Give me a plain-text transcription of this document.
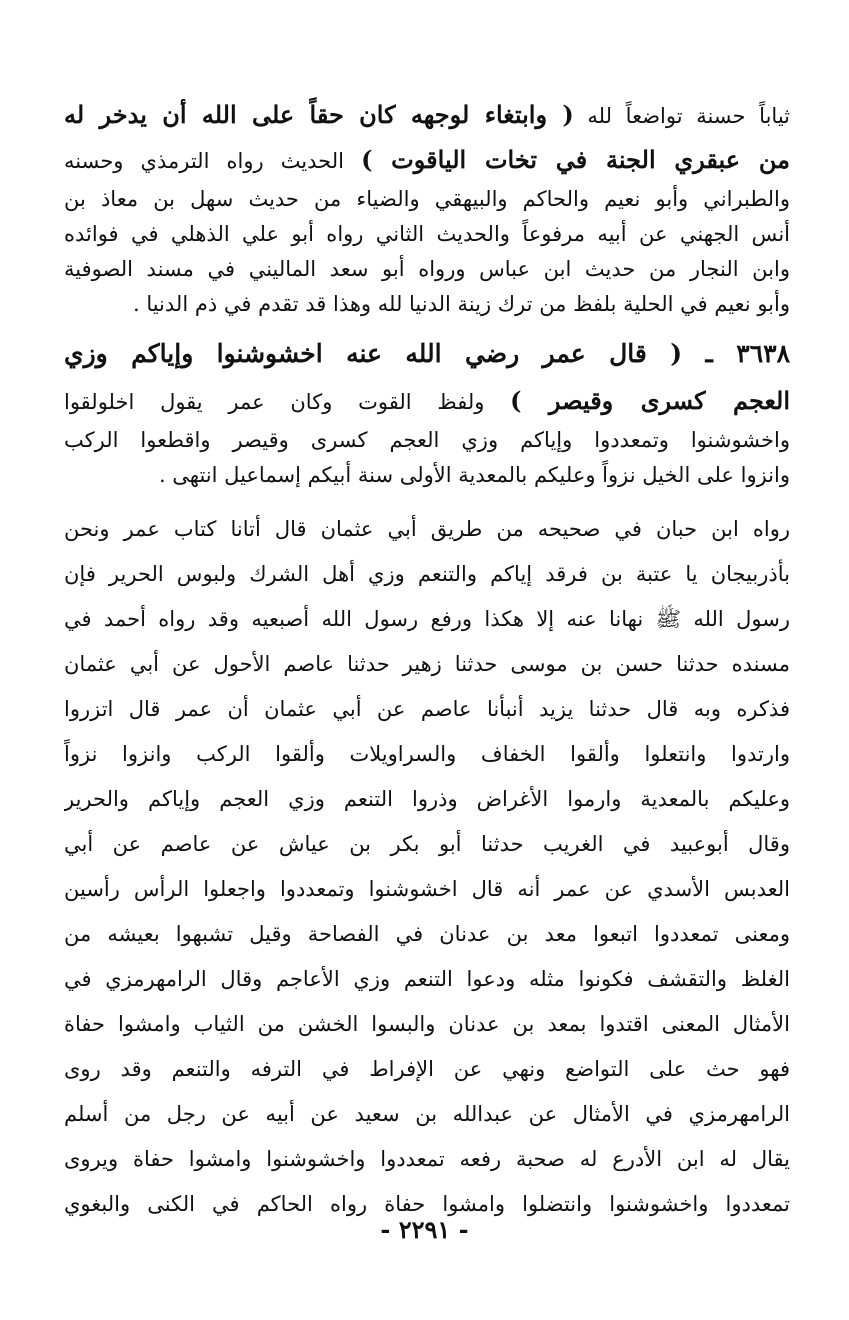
ثياباً حسنة تواضعاً لله ( وابتغاء لوجهه كان حقاً على الله أن يدخر له
من عبقري الجنة في تخات الياقوت ) الحديث رواه الترمذي وحسنه
والطبراني وأبو نعيم والحاكم والبيهقي والضياء من حديث سهل بن معاذ بن
أنس الجهني عن أبيه مرفوعاً والحديث الثاني رواه أبو علي الذهلي في فوائده
وابن النجار من حديث ابن عباس ورواه أبو سعد الماليني في مسند الصوفية
وأبو نعيم في الحلية بلفظ من ترك زينة الدنيا لله وهذا قد تقدم في ذم الدنيا .
٣٦٣٨ ـ ( قال عمر رضي الله عنه اخشوشنوا وإياكم وزي
العجم كسرى وقيصر ) ولفظ القوت وكان عمر يقول اخلولقوا
واخشوشنوا وتمعددوا وإياكم وزي العجم كسرى وقيصر واقطعوا الركب
وانزوا على الخيل نزواً وعليكم بالمعدية الأولى سنة أبيكم إسماعيل انتهى .
رواه ابن حبان في صحيحه من طريق أبي عثمان قال أتانا كتاب عمر ونحن
بأذربيجان يا عتبة بن فرقد إياكم والتنعم وزي أهل الشرك ولبوس الحرير فإن
رسول الله ﷺ نهانا عنه إلا هكذا ورفع رسول الله أصبعيه وقد رواه أحمد في
مسنده حدثنا حسن بن موسى حدثنا زهير حدثنا عاصم الأحول عن أبي عثمان
فذكره وبه قال حدثنا يزيد أنبأنا عاصم عن أبي عثمان أن عمر قال اتزروا
وارتدوا وانتعلوا وألقوا الخفاف والسراويلات وألقوا الركب وانزوا نزواً
وعليكم بالمعدية وارموا الأغراض وذروا التنعم وزي العجم وإياكم والحرير
وقال أبوعبيد في الغريب حدثنا أبو بكر بن عياش عن عاصم عن أبي
العدبس الأسدي عن عمر أنه قال اخشوشنوا وتمعددوا واجعلوا الرأس رأسين
ومعنى تمعددوا اتبعوا معد بن عدنان في الفصاحة وقيل تشبهوا بعيشه من
الغلظ والتقشف فكونوا مثله ودعوا التنعم وزي الأعاجم وقال الرامهرمزي في
الأمثال المعنى اقتدوا بمعد بن عدنان والبسوا الخشن من الثياب وامشوا حفاة
فهو حث على التواضع ونهي عن الإفراط في الترفه والتنعم وقد روى
الرامهرمزي في الأمثال عن عبدالله بن سعيد عن أبيه عن رجل من أسلم
يقال له ابن الأدرع له صحبة رفعه تمعددوا واخشوشنوا وامشوا حفاة ويروى
تمعددوا واخشوشنوا وانتضلوا وامشوا حفاة رواه الحاكم في الكنى والبغوي
- ٢٢٩١ -
